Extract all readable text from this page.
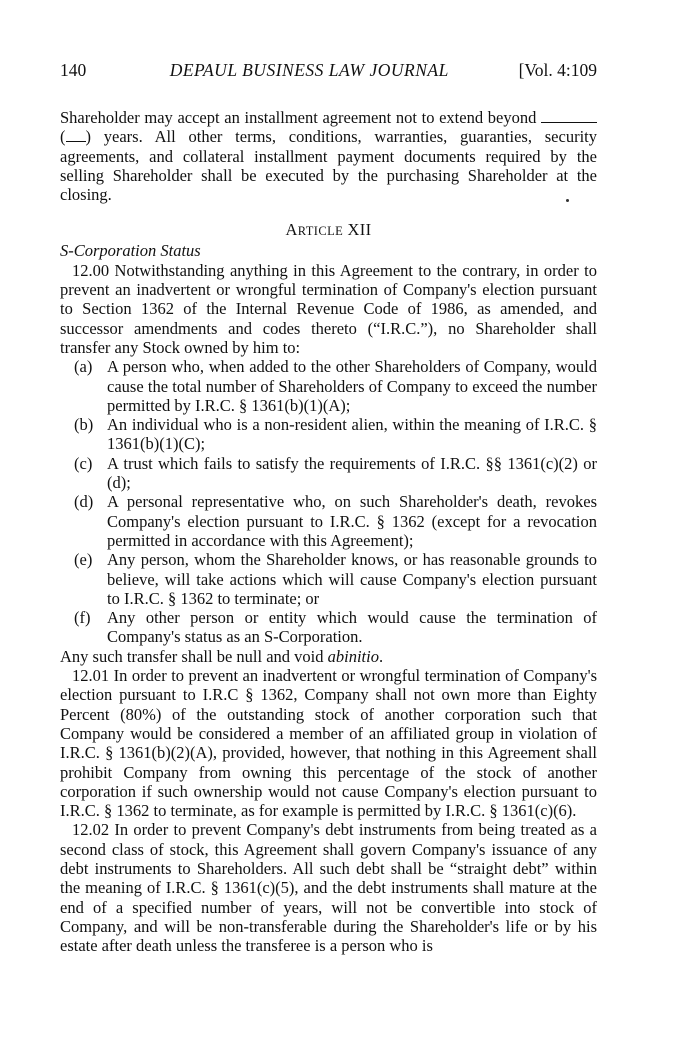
140	DEPAUL BUSINESS LAW JOURNAL	[Vol. 4:109

Shareholder may accept an installment agreement not to extend beyond  ( ) years. All other terms, conditions, warranties, guaranties, security agreements, and collateral installment payment documents required by the selling Shareholder shall be executed by the purchasing Shareholder at the closing.

ARTICLE XII

S-Corporation Status

12.00 Notwithstanding anything in this Agreement to the contrary, in order to prevent an inadvertent or wrongful termination of Company's election pursuant to Section 1362 of the Internal Revenue Code of 1986, as amended, and successor amendments and codes thereto (“I.R.C.”), no Shareholder shall transfer any Stock owned by him to:

(a) A person who, when added to the other Shareholders of Company, would cause the total number of Shareholders of Company to exceed the number permitted by I.R.C. § 1361(b)(1)(A);
(b) An individual who is a non-resident alien, within the meaning of I.R.C. § 1361(b)(1)(C);
(c) A trust which fails to satisfy the requirements of I.R.C. §§ 1361(c)(2) or (d);
(d) A personal representative who, on such Shareholder's death, revokes Company's election pursuant to I.R.C. § 1362 (except for a revocation permitted in accordance with this Agreement);
(e) Any person, whom the Shareholder knows, or has reasonable grounds to believe, will take actions which will cause Company's election pursuant to I.R.C. § 1362 to terminate; or
(f) Any other person or entity which would cause the termination of Company's status as an S-Corporation.

Any such transfer shall be null and void abinitio.

12.01 In order to prevent an inadvertent or wrongful termination of Company's election pursuant to I.R.C § 1362, Company shall not own more than Eighty Percent (80%) of the outstanding stock of another corporation such that Company would be considered a member of an affiliated group in violation of I.R.C. § 1361(b)(2)(A), provided, however, that nothing in this Agreement shall prohibit Company from owning this percentage of the stock of another corporation if such ownership would not cause Company's election pursuant to I.R.C. § 1362 to terminate, as for example is permitted by I.R.C. § 1361(c)(6).

12.02 In order to prevent Company's debt instruments from being treated as a second class of stock, this Agreement shall govern Company's issuance of any debt instruments to Shareholders. All such debt shall be “straight debt” within the meaning of I.R.C. § 1361(c)(5), and the debt instruments shall mature at the end of a specified number of years, will not be convertible into stock of Company, and will be non-transferable during the Shareholder's life or by his estate after death unless the transferee is a person who is
